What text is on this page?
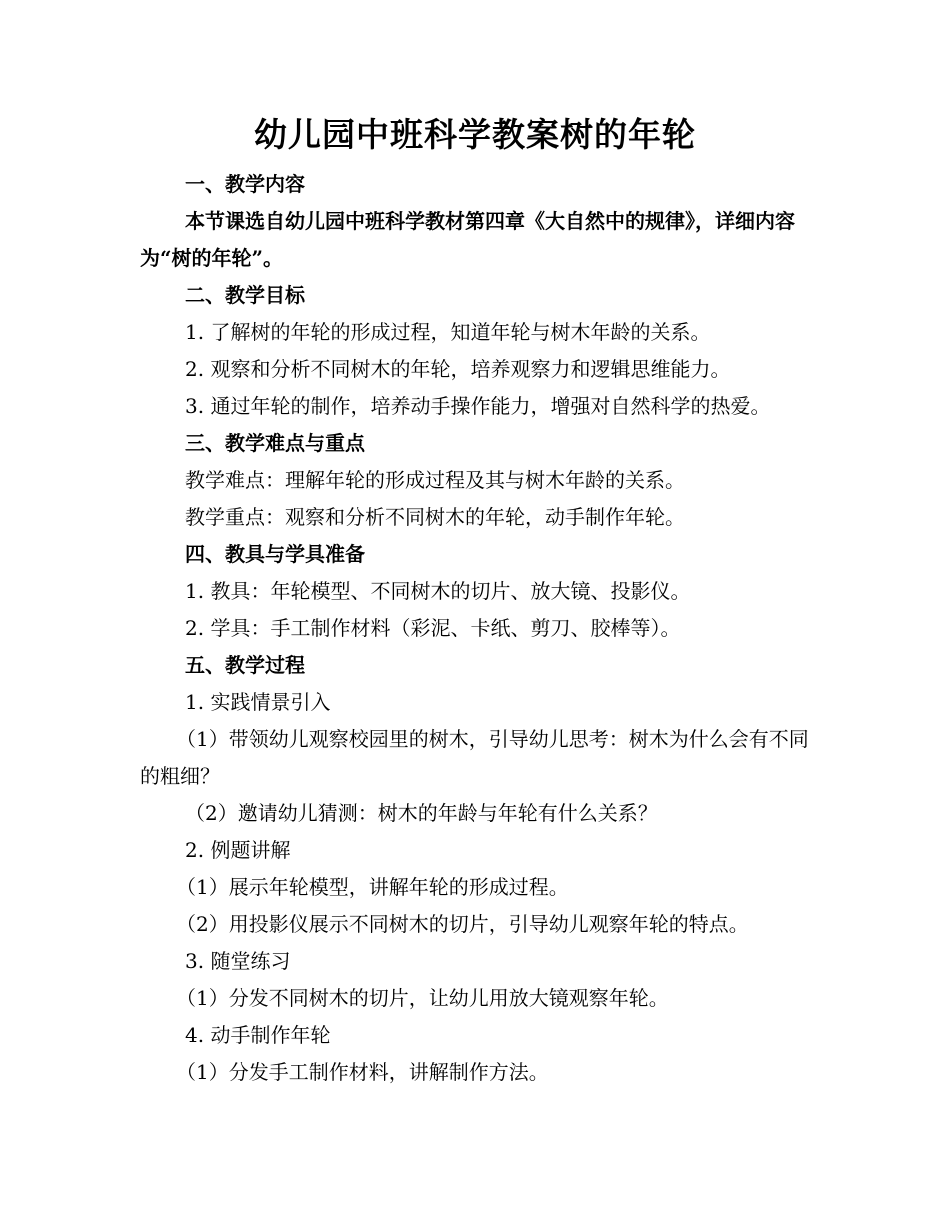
幼儿园中班科学教案树的年轮
一、教学内容
本节课选自幼儿园中班科学教材第四章《大自然中的规律》，详细内容为“树的年轮”。
二、教学目标
1. 了解树的年轮的形成过程，知道年轮与树木年龄的关系。
2. 观察和分析不同树木的年轮，培养观察力和逻辑思维能力。
3. 通过年轮的制作，培养动手操作能力，增强对自然科学的热爱。
三、教学难点与重点
教学难点：理解年轮的形成过程及其与树木年龄的关系。
教学重点：观察和分析不同树木的年轮，动手制作年轮。
四、教具与学具准备
1. 教具：年轮模型、不同树木的切片、放大镜、投影仪。
2. 学具：手工制作材料（彩泥、卡纸、剪刀、胶棒等）。
五、教学过程
1. 实践情景引入
（1）带领幼儿观察校园里的树木，引导幼儿思考：树木为什么会有不同的粗细？
（2）邀请幼儿猜测：树木的年龄与年轮有什么关系？
2. 例题讲解
（1）展示年轮模型，讲解年轮的形成过程。
（2）用投影仪展示不同树木的切片，引导幼儿观察年轮的特点。
3. 随堂练习
（1）分发不同树木的切片，让幼儿用放大镜观察年轮。
4. 动手制作年轮
（1）分发手工制作材料，讲解制作方法。
